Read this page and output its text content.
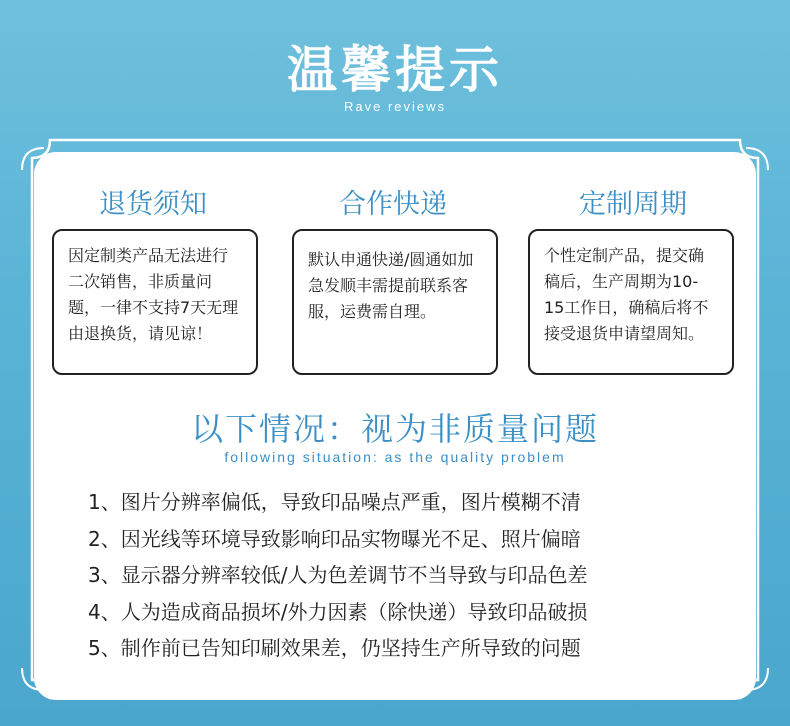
温馨提示
Rave reviews
退货须知	合作快递	定制周期
因定制类产品无法进行二次销售，非质量问题，一律不支持7天无理由退换货，请见谅！
默认申通快递/圆通如加急发顺丰需提前联系客服，运费需自理。
个性定制产品，提交确稿后，生产周期为10-15工作日，确稿后将不接受退货申请望周知。
以下情况：视为非质量问题
following situation: as the quality problem
1、图片分辨率偏低，导致印品噪点严重，图片模糊不清
2、因光线等环境导致影响印品实物曝光不足、照片偏暗
3、显示器分辨率较低/人为色差调节不当导致与印品色差
4、人为造成商品损坏/外力因素（除快递）导致印品破损
5、制作前已告知印刷效果差，仍坚持生产所导致的问题
